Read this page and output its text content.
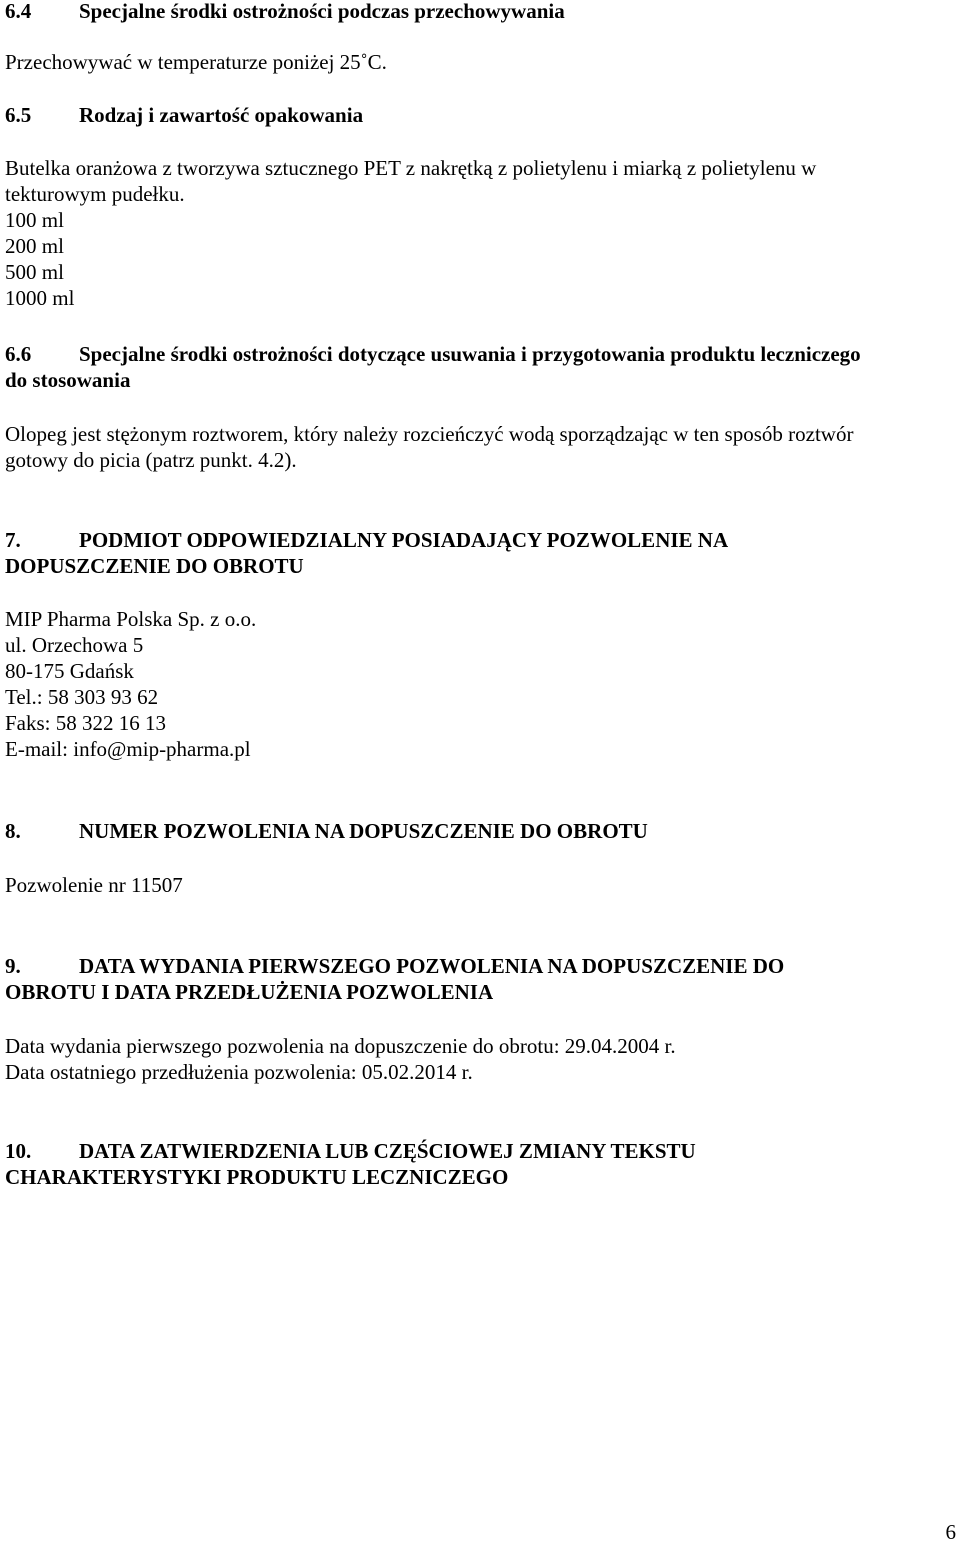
6.4 Specjalne środki ostrożności podczas przechowywania
Przechowywać w temperaturze poniżej 25˚C.
6.5 Rodzaj i zawartość opakowania
Butelka oranżowa z tworzywa sztucznego PET z nakrętką z polietylenu i miarką z polietylenu w
tekturowym pudełku.
100 ml
200 ml
500 ml
1000 ml
6.6 Specjalne środki ostrożności dotyczące usuwania i przygotowania produktu leczniczego
do stosowania
Olopeg jest stężonym roztworem, który należy rozcieńczyć wodą sporządzając w ten sposób roztwór
gotowy do picia (patrz punkt. 4.2).
7.	PODMIOT ODPOWIEDZIALNY POSIADAJĄCY POZWOLENIE NA
DOPUSZCZENIE DO OBROTU
MIP Pharma Polska Sp. z o.o.
ul. Orzechowa 5
80-175 Gdańsk
Tel.: 58 303 93 62
Faks: 58 322 16 13
E-mail: info@mip-pharma.pl
8.	NUMER POZWOLENIA NA DOPUSZCZENIE DO OBROTU
Pozwolenie nr 11507
9.	DATA WYDANIA PIERWSZEGO POZWOLENIA NA DOPUSZCZENIE DO
OBROTU I DATA PRZEDŁUŻENIA POZWOLENIA
Data wydania pierwszego pozwolenia na dopuszczenie do obrotu: 29.04.2004 r.
Data ostatniego przedłużenia pozwolenia: 05.02.2014 r.
10. DATA ZATWIERDZENIA LUB CZĘŚCIOWEJ ZMIANY TEKSTU
CHARAKTERYSTYKI PRODUKTU LECZNICZEGO
6
